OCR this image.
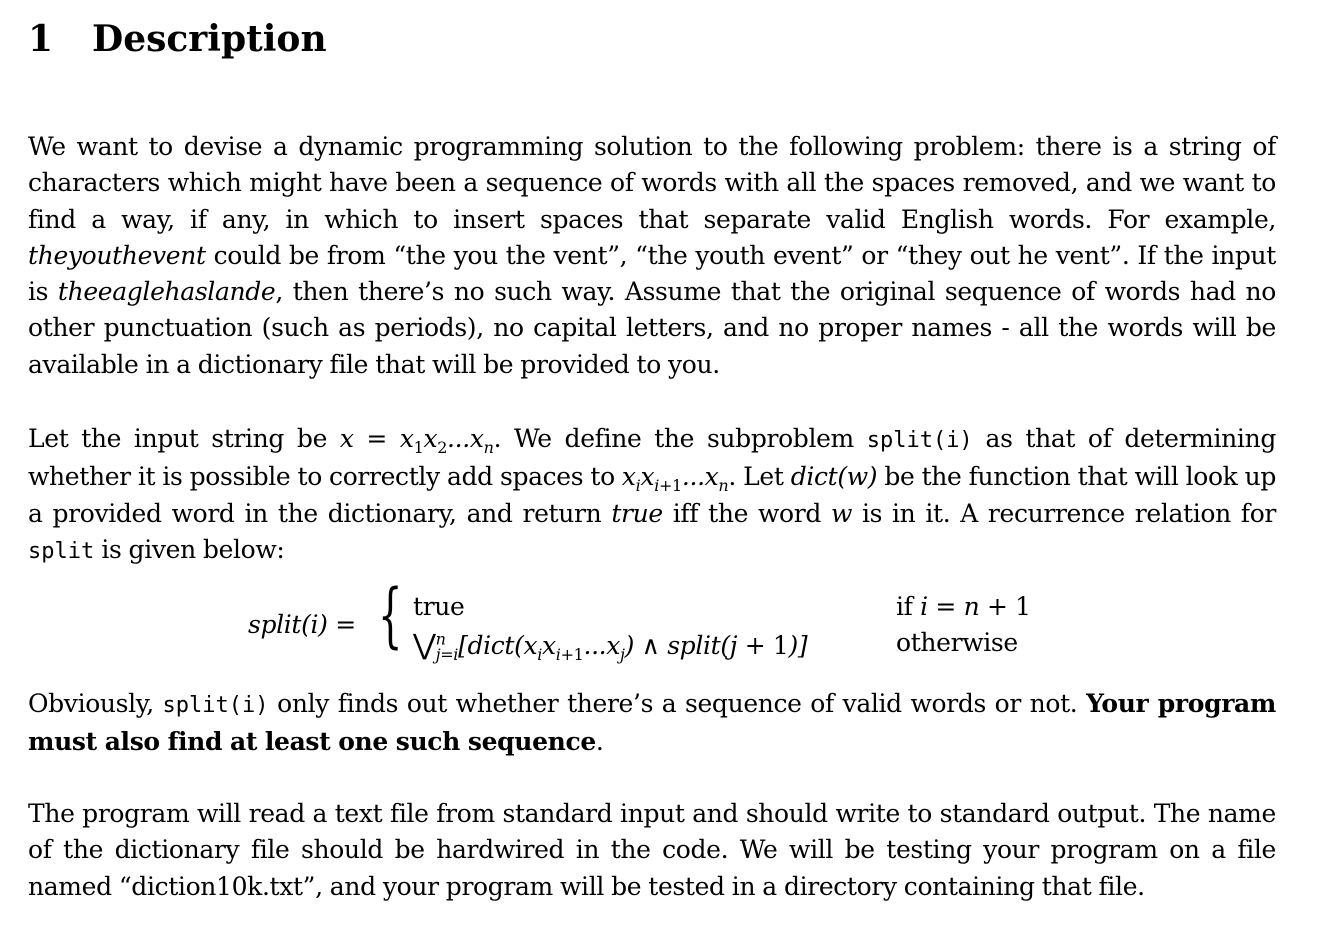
1 Description
We want to devise a dynamic programming solution to the following problem: there is a string of characters which might have been a sequence of words with all the spaces removed, and we want to find a way, if any, in which to insert spaces that separate valid English words. For example, theyouthevent could be from “the you the vent”, “the youth event” or “they out he vent”. If the input is theeaglehaslande, then there’s no such way. Assume that the original sequence of words had no other punctuation (such as periods), no capital letters, and no proper names - all the words will be available in a dictionary file that will be provided to you.
Let the input string be $x = x_1x_2...x_n$. We define the subproblem split(i) as that of determining whether it is possible to correctly add spaces to $x_ix_{i+1}...x_n$. Let dict(w) be the function that will look up a provided word in the dictionary, and return true iff the word w is in it. A recurrence relation for split is given below:
split(i) = { true	if i = n + 1
$⋁^n_{j=i}[dict(x_ix_{i+1}...x_j)$ ∧ split(j + 1)]	otherwise
Obviously, split(i) only finds out whether there’s a sequence of valid words or not. Your program must also find at least one such sequence.
The program will read a text file from standard input and should write to standard output. The name of the dictionary file should be hardwired in the code. We will be testing your program on a file named “diction10k.txt”, and your program will be tested in a directory containing that file.
